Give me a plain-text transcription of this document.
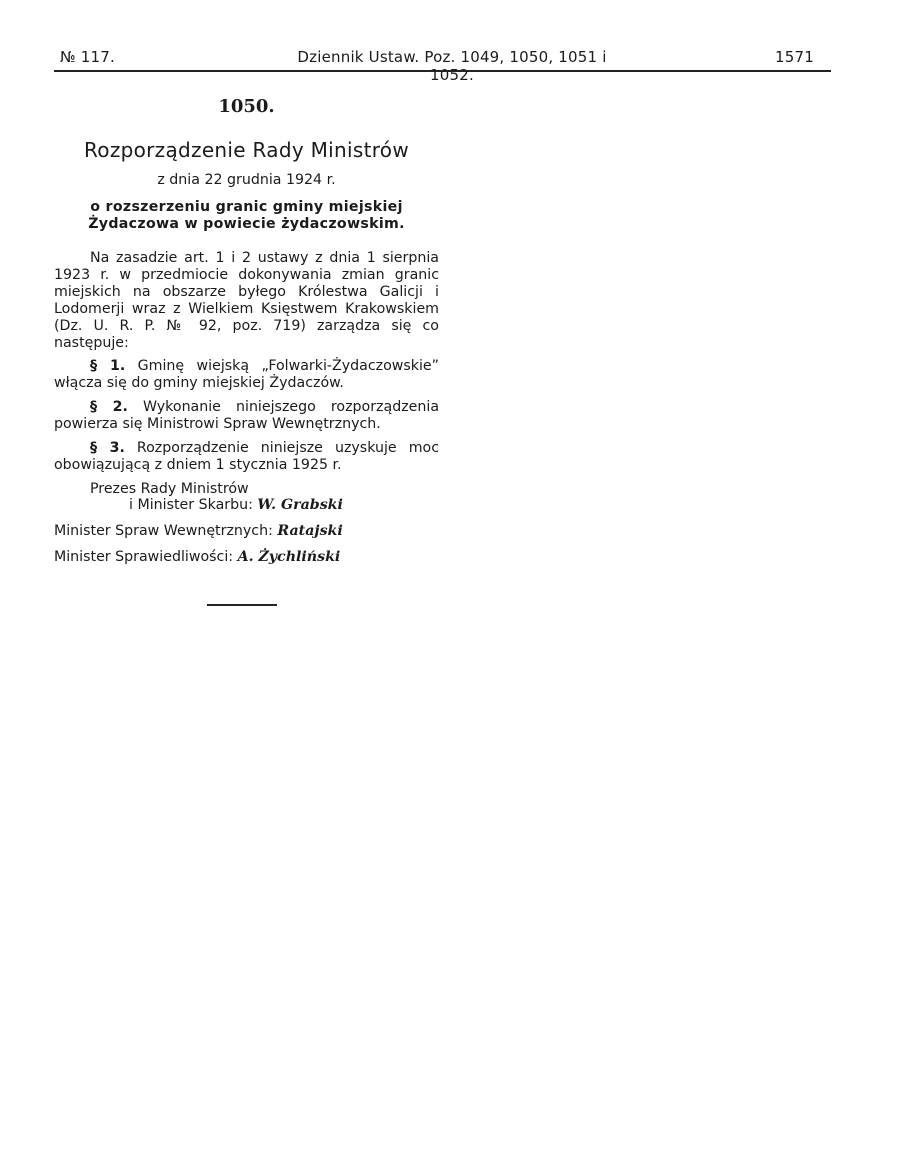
№ 117.	Dziennik Ustaw. Poz. 1049, 1050, 1051 i 1052.
1571
1050.
Rozporządzenie Rady Ministrów
z dnia 22 grudnia 1924 r.
o rozszerzeniu granic gminy miejskiej Żydaczowa w powiecie żydaczowskim.

Na zasadzie art. 1 i 2 ustawy z dnia 1 sierpnia 1923 r. w przedmiocie dokonywania zmian granic miejskich na obszarze byłego Królestwa Galicji i Lodomerji wraz z Wielkiem Księstwem Krakowskiem (Dz. U. R. P. № 92, poz. 719) zarządza się co następuje:

§ 1. Gminę wiejską „Folwarki-Żydaczowskie” włącza się do gminy miejskiej Żydaczów.

§ 2. Wykonanie niniejszego rozporządzenia powierza się Ministrowi Spraw Wewnętrznych.

§ 3. Rozporządzenie niniejsze uzyskuje moc obowiązującą z dniem 1 stycznia 1925 r.

Prezes Rady Ministrów
i Minister Skarbu: W. Grabski
Minister Spraw Wewnętrznych: Ratajski
Minister Sprawiedliwości: A. Żychliński
